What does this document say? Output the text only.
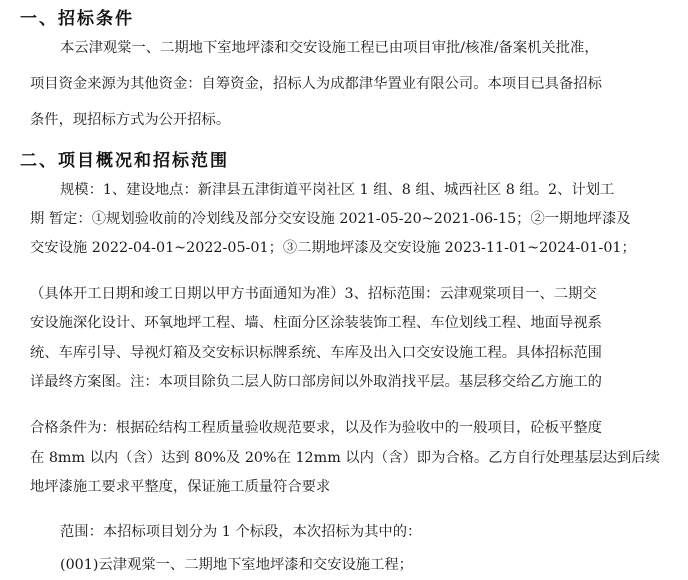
一、招标条件
本云津观棠一、二期地下室地坪漆和交安设施工程已由项目审批/核准/备案机关批准，
项目资金来源为其他资金：自筹资金，招标人为成都津华置业有限公司。本项目已具备招标
条件，现招标方式为公开招标。
二、项目概况和招标范围
规模：1、建设地点：新津县五津街道平岗社区 1 组、8 组、城西社区 8 组。2、计划工
期 暂定：①规划验收前的冷划线及部分交安设施 2021-05-20~2021-06-15；②一期地坪漆及
交安设施 2022-04-01~2022-05-01；③二期地坪漆及交安设施 2023-11-01~2024-01-01；
（具体开工日期和竣工日期以甲方书面通知为准）3、招标范围：云津观棠项目一、二期交
安设施深化设计、环氧地坪工程、墙、柱面分区涂装装饰工程、车位划线工程、地面导视系
统、车库引导、导视灯箱及交安标识标牌系统、车库及出入口交安设施工程。具体招标范围
详最终方案图。注：本项目除负二层人防口部房间以外取消找平层。基层移交给乙方施工的
合格条件为：根据砼结构工程质量验收规范要求，以及作为验收中的一般项目，砼板平整度
在 8mm 以内（含）达到 80%及 20%在 12mm 以内（含）即为合格。乙方自行处理基层达到后续
地坪漆施工要求平整度，保证施工质量符合要求
范围：本招标项目划分为 1 个标段，本次招标为其中的：
(001)云津观棠一、二期地下室地坪漆和交安设施工程；
